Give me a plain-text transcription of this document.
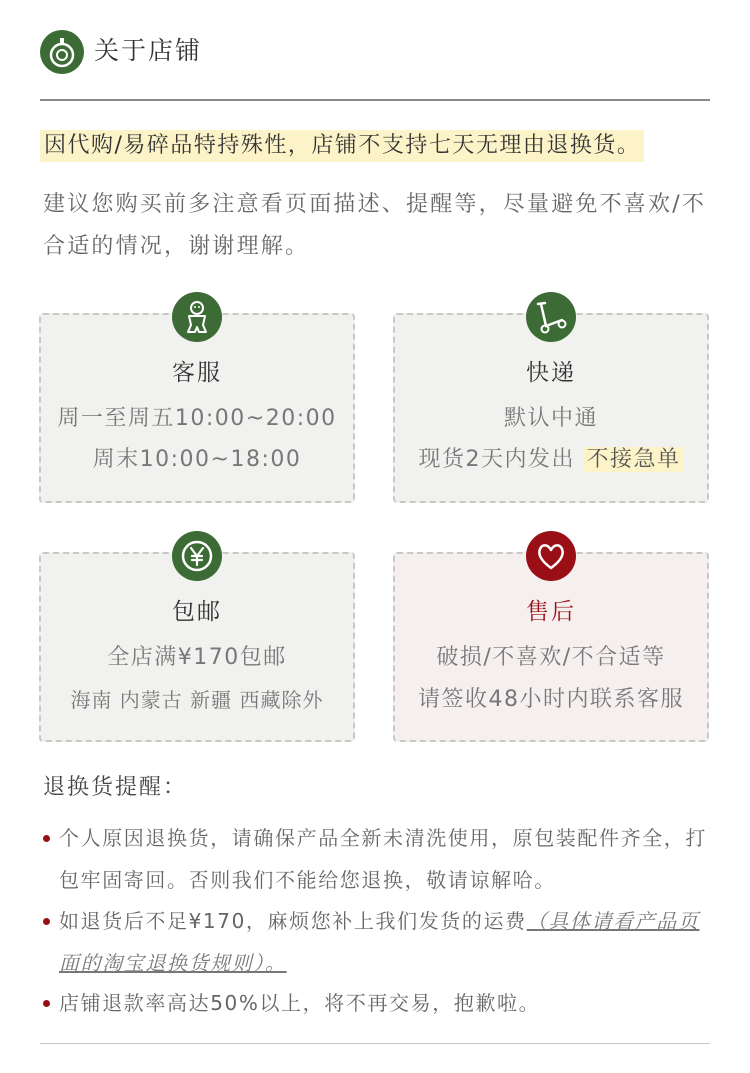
关于店铺
因代购/易碎品特持殊性，店铺不支持七天无理由退换货。
建议您购买前多注意看页面描述、提醒等，尽量避免不喜欢/不合适的情况，谢谢理解。
客服
周一至周五10:00~20:00
周末10:00~18:00
快递
默认中通
现货2天内发出 不接急单
包邮
全店满¥170包邮
海南 内蒙古 新疆 西藏除外
售后
破损/不喜欢/不合适等
请签收48小时内联系客服
退换货提醒：
个人原因退换货，请确保产品全新未清洗使用，原包装配件齐全，打包牢固寄回。否则我们不能给您退换，敬请谅解哈。
如退货后不足¥170，麻烦您补上我们发货的运费（具体请看产品页面的淘宝退换货规则）。
店铺退款率高达50%以上，将不再交易，抱歉啦。
